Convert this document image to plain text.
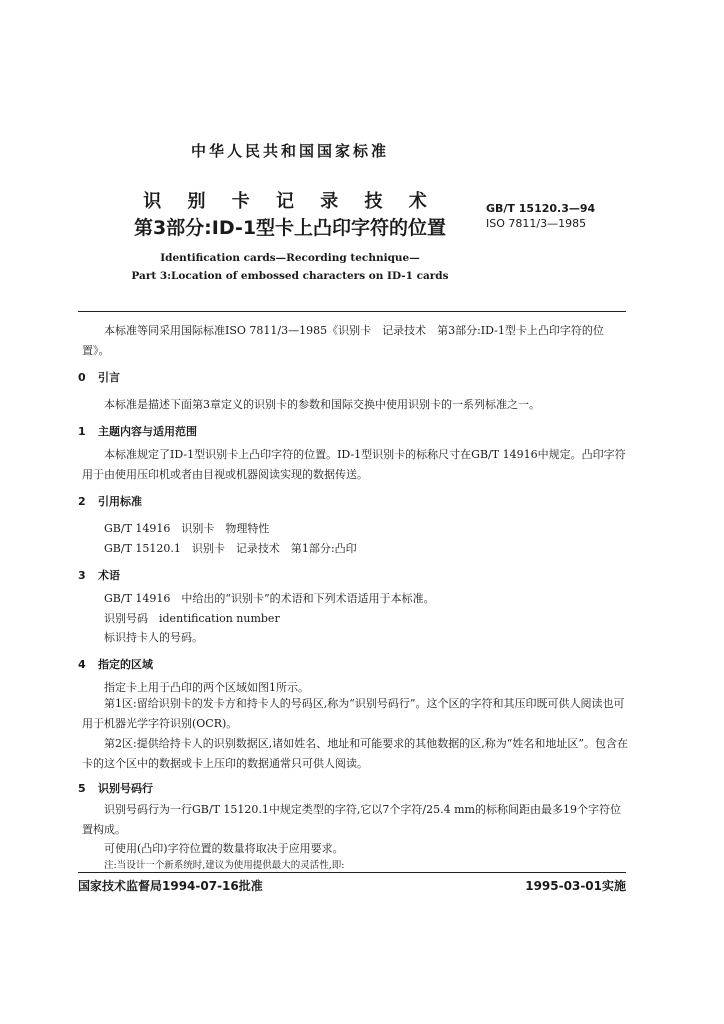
中华人民共和国国家标准
识 别 卡 记 录 技 术
第3部分:ID-1型卡上凸印字符的位置
GB/T 15120.3—94
ISO 7811/3—1985
Identification cards—Recording technique—
Part 3:Location of embossed characters on ID-1 cards
本标准等同采用国际标准ISO 7811/3—1985《识别卡　记录技术　第3部分:ID-1型卡上凸印字符的位置》。
0 引言
本标准是描述下面第3章定义的识别卡的参数和国际交换中使用识别卡的一系列标准之一。
1 主题内容与适用范围
本标准规定了ID-1型识别卡上凸印字符的位置。ID-1型识别卡的标称尺寸在GB/T 14916中规定。凸印字符用于由使用压印机或者由目视或机器阅读实现的数据传送。
2 引用标准
GB/T 14916　识别卡　物理特性
GB/T 15120.1　识别卡　记录技术　第1部分:凸印
3 术语
GB/T 14916　中给出的“识别卡”的术语和下列术语适用于本标准。
识别号码　identification number
标识持卡人的号码。
4 指定的区域
指定卡上用于凸印的两个区域如图1所示。
第1区:留给识别卡的发卡方和持卡人的号码区,称为“识别号码行”。这个区的字符和其压印既可供人阅读也可用于机器光学字符识别(OCR)。
第2区:提供给持卡人的识别数据区,诸如姓名、地址和可能要求的其他数据的区,称为“姓名和地址区”。包含在卡的这个区中的数据或卡上压印的数据通常只可供人阅读。
5 识别号码行
识别号码行为一行GB/T 15120.1中规定类型的字符,它以7个字符/25.4 mm的标称间距由最多19个字符位置构成。
可使用(凸印)字符位置的数量将取决于应用要求。
注:当设计一个新系统时,建议为使用提供最大的灵活性,即:
国家技术监督局1994-07-16批准	1995-03-01实施
